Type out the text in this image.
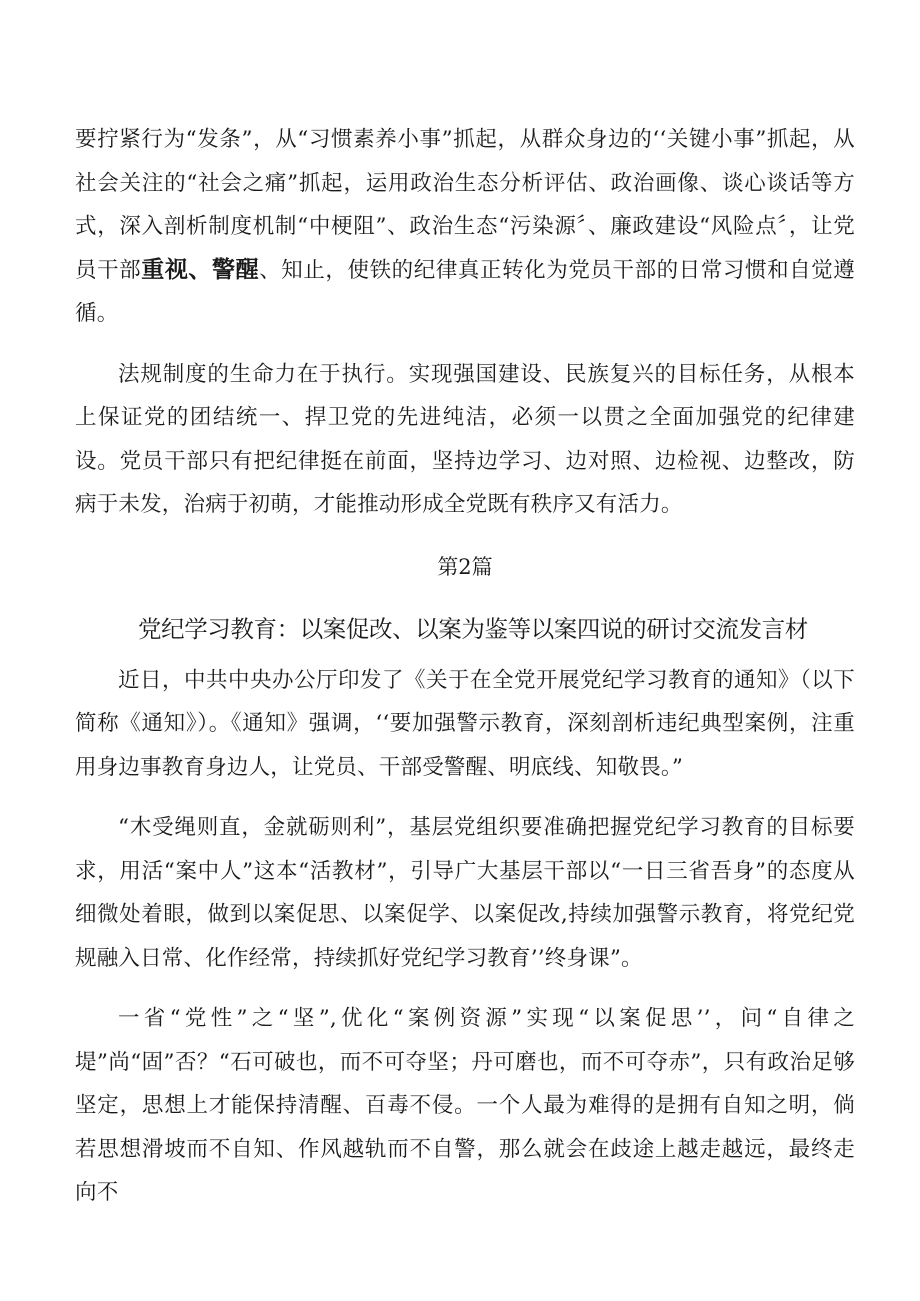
要拧紧行为“发条”，从“习惯素养小事”抓起，从群众身边的‘‘关键小事”抓起，从社会关注的“社会之痛”抓起，运用政治生态分析评估、政治画像、谈心谈话等方式，深入剖析制度机制“中梗阻”、政治生态“污染源〞、廉政建设“风险点〞，让党员干部重视、警醒、知止，使铁的纪律真正转化为党员干部的日常习惯和自觉遵循。

法规制度的生命力在于执行。实现强国建设、民族复兴的目标任务，从根本上保证党的团结统一、捍卫党的先进纯洁，必须一以贯之全面加强党的纪律建设。党员干部只有把纪律挺在前面，坚持边学习、边对照、边检视、边整改，防病于未发，治病于初萌，才能推动形成全党既有秩序又有活力。

第2篇

党纪学习教育：以案促改、以案为鉴等以案四说的研讨交流发言材

近日，中共中央办公厅印发了《关于在全党开展党纪学习教育的通知》（以下简称《通知》）。《通知》强调，‘‘要加强警示教育，深刻剖析违纪典型案例，注重用身边事教育身边人，让党员、干部受警醒、明底线、知敬畏。”

“木受绳则直，金就砺则利”，基层党组织要准确把握党纪学习教育的目标要求，用活“案中人”这本“活教材”，引导广大基层干部以“一日三省吾身”的态度从细微处着眼，做到以案促思、以案促学、以案促改,持续加强警示教育，将党纪党规融入日常、化作经常，持续抓好党纪学习教育’’终身课”。

一省“党性”之“坚”,优化“案例资源”实现“以案促思’’，问“自律之堤”尚“固”否？“石可破也，而不可夺坚；丹可磨也，而不可夺赤”，只有政治足够坚定，思想上才能保持清醒、百毒不侵。一个人最为难得的是拥有自知之明，倘若思想滑坡而不自知、作风越轨而不自警，那么就会在歧途上越走越远，最终走向不
